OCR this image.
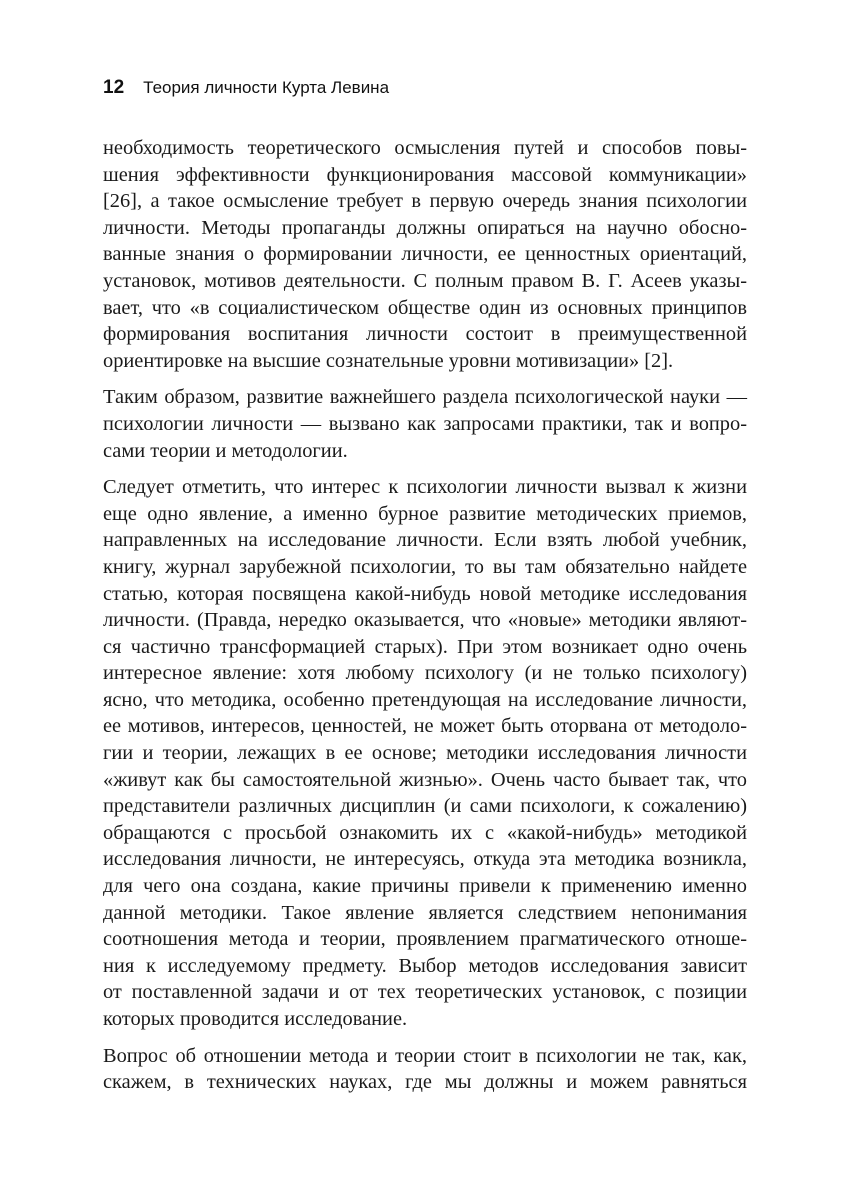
12 Теория личности Курта Левина

необходимость теоретического осмысления путей и способов повы-
шения эффективности функционирования массовой коммуникации»
[26], а такое осмысление требует в первую очередь знания психологии
личности. Методы пропаганды должны опираться на научно обосно-
ванные знания о формировании личности, ее ценностных ориентаций,
установок, мотивов деятельности. С полным правом В. Г. Асеев указы-
вает, что «в социалистическом обществе один из основных принципов
формирования воспитания личности состоит в преимущественной
ориентировке на высшие сознательные уровни мотивизации» [2].

Таким образом, развитие важнейшего раздела психологической науки —
психологии личности — вызвано как запросами практики, так и вопро-
сами теории и методологии.

Следует отметить, что интерес к психологии личности вызвал к жизни
еще одно явление, а именно бурное развитие методических приемов,
направленных на исследование личности. Если взять любой учебник,
книгу, журнал зарубежной психологии, то вы там обязательно найдете
статью, которая посвящена какой-нибудь новой методике исследования
личности. (Правда, нередко оказывается, что «новые» методики являют-
ся частично трансформацией старых). При этом возникает одно очень
интересное явление: хотя любому психологу (и не только психологу)
ясно, что методика, особенно претендующая на исследование личности,
ее мотивов, интересов, ценностей, не может быть оторвана от методоло-
гии и теории, лежащих в ее основе; методики исследования личности
«живут как бы самостоятельной жизнью». Очень часто бывает так, что
представители различных дисциплин (и сами психологи, к сожалению)
обращаются с просьбой ознакомить их с «какой-нибудь» методикой
исследования личности, не интересуясь, откуда эта методика возникла,
для чего она создана, какие причины привели к применению именно
данной методики. Такое явление является следствием непонимания
соотношения метода и теории, проявлением прагматического отноше-
ния к исследуемому предмету. Выбор методов исследования зависит
от поставленной задачи и от тех теоретических установок, с позиции
которых проводится исследование.

Вопрос об отношении метода и теории стоит в психологии не так, как,
скажем, в технических науках, где мы должны и можем равняться
